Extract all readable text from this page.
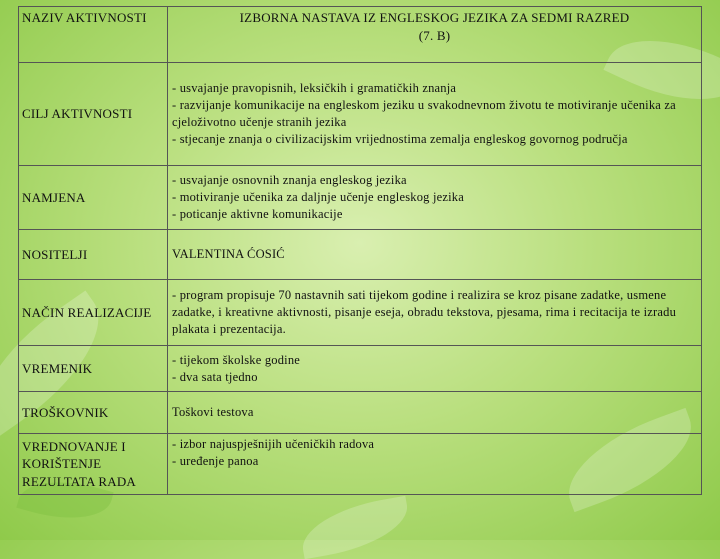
NAZIV AKTIVNOSTI	IZBORNA NASTAVA IZ ENGLESKOG JEZIKA ZA SEDMI RAZRED
(7. B)

CILJ AKTIVNOSTI	- usvajanje pravopisnih, leksičkih i gramatičkih znanja
- razvijanje komunikacije na engleskom jeziku u svakodnevnom životu te motiviranje učenika za cjeloživotno učenje stranih jezika
- stjecanje znanja o civilizacijskim vrijednostima zemalja engleskog govornog područja

NAMJENA	- usvajanje osnovnih znanja engleskog jezika
- motiviranje učenika za daljnje učenje engleskog jezika
- poticanje aktivne komunikacije

NOSITELJI	VALENTINA ĆOSIĆ

NAČIN REALIZACIJE	- program propisuje 70 nastavnih sati tijekom godine i realizira se kroz pisane zadatke, usmene zadatke, i kreativne aktivnosti, pisanje eseja, obradu tekstova, pjesama, rima i recitacija te izradu plakata i prezentacija.

VREMENIK	- tijekom školske godine
- dva sata tjedno

TROŠKOVNIK	Toškovi testova

VREDNOVANJE I KORIŠTENJE REZULTATA RADA	- izbor najuspješnijih učeničkih radova
- uređenje panoa
